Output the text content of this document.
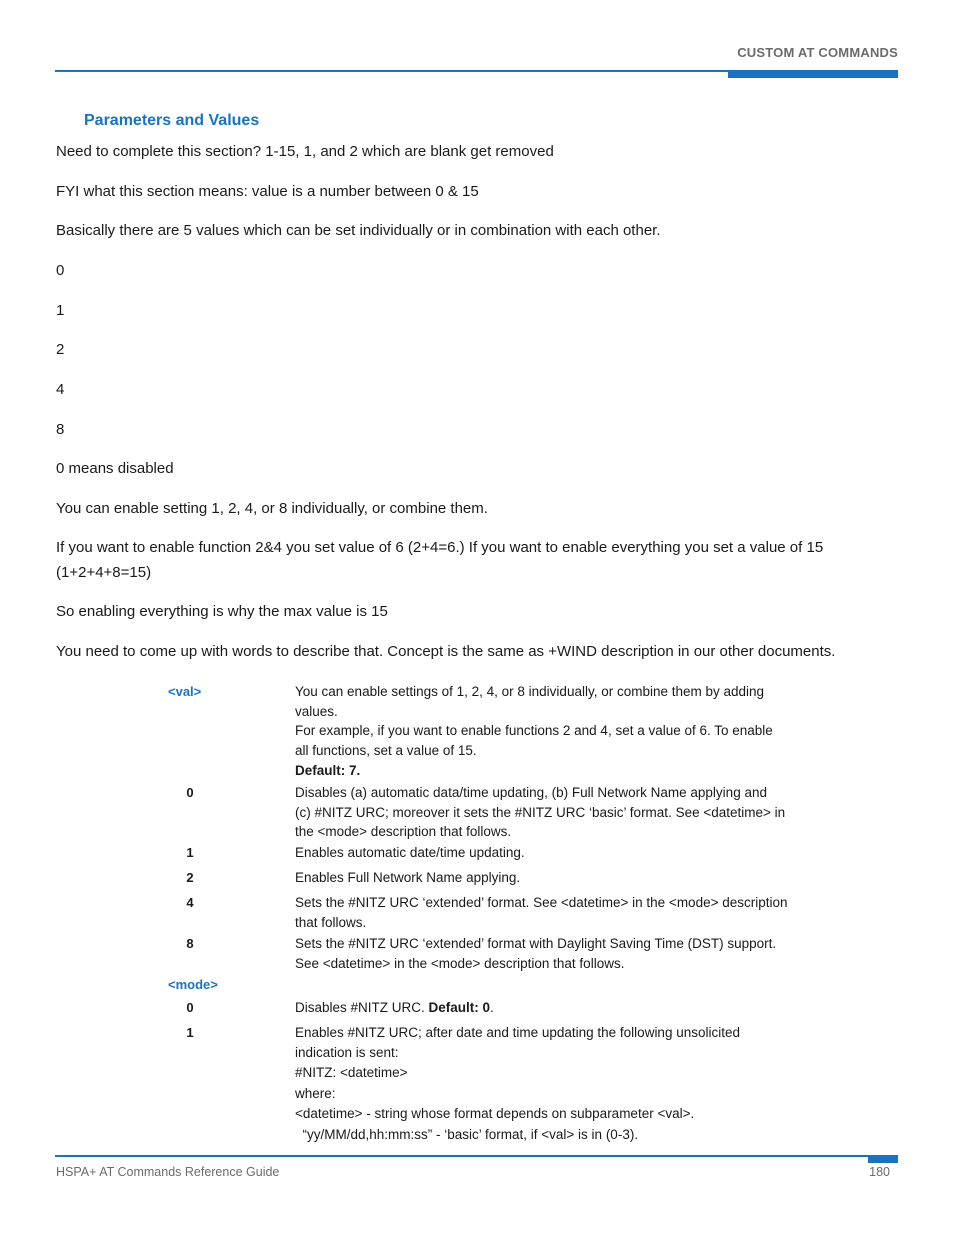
CUSTOM AT COMMANDS
Parameters and Values
Need to complete this section? 1-15, 1, and 2 which are blank get removed
FYI what this section means: value is a number between 0 & 15
Basically there are 5 values which can be set individually or in combination with each other.
0
1
2
4
8
0 means disabled
You can enable setting 1, 2, 4, or 8 individually, or combine them.
If you want to enable function 2&4 you set value of 6 (2+4=6.) If you want to enable everything you set a value of 15 (1+2+4+8=15)
So enabling everything is why the max value is 15
You need to come up with words to describe that. Concept is the same as +WIND description in our other documents.
<val>	You can enable settings of 1, 2, 4, or 8 individually, or combine them by adding
values.
For example, if you want to enable functions 2 and 4, set a value of 6. To enable
all functions, set a value of 15.
Default: 7.
0	Disables (a) automatic data/time updating, (b) Full Network Name applying and
(c) #NITZ URC; moreover it sets the #NITZ URC ‘basic’ format. See <datetime> in
the <mode> description that follows.
1	Enables automatic date/time updating.
2	Enables Full Network Name applying.
4	Sets the #NITZ URC ‘extended’ format. See <datetime> in the <mode> description
that follows.
8	Sets the #NITZ URC ‘extended’ format with Daylight Saving Time (DST) support.
See <datetime> in the <mode> description that follows.
<mode>
0	Disables #NITZ URC. Default: 0.
1	Enables #NITZ URC; after date and time updating the following unsolicited
indication is sent:
#NITZ: <datetime>
where:
<datetime> - string whose format depends on subparameter <val>.
“yy/MM/dd,hh:mm:ss” - ‘basic’ format, if <val> is in (0-3).
HSPA+ AT Commands Reference Guide	180
